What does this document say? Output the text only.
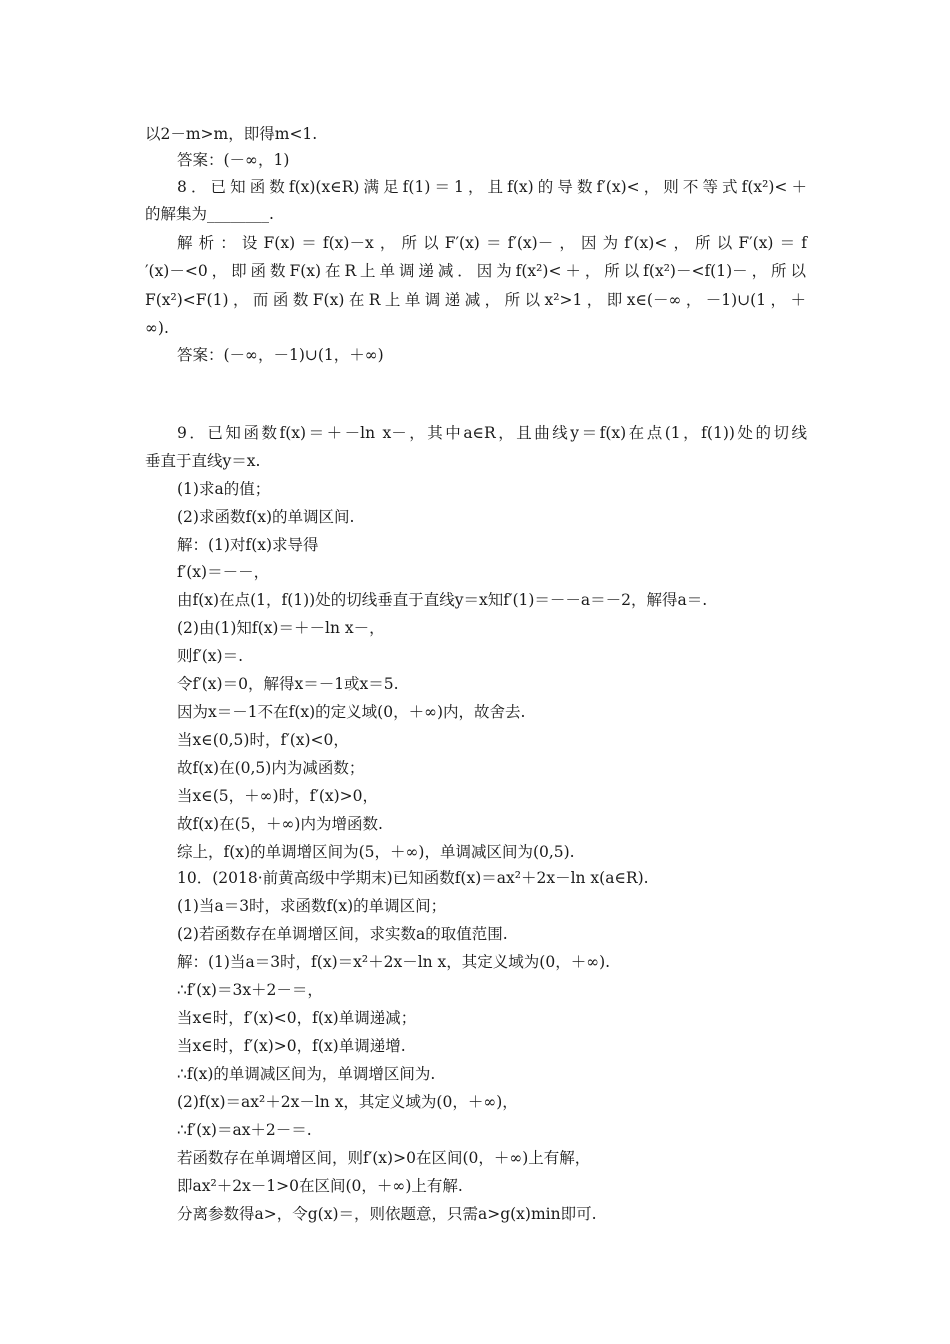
以2－m>m，即得m<1.
答案：(－∞，1)
8．已知函数f(x)(x∈R)满足f(1)＝1，且f(x)的导数f′(x)<，则不等式f(x²)<＋
的解集为________.
解析：设F(x)＝f(x)－x，所以F′(x)＝f′(x)－，因为f′(x)<，所以F′(x)＝f
′(x)－<0，即函数F(x)在R上单调递减．因为f(x²)<＋，所以f(x²)－<f(1)－，所以
F(x²)<F(1)，而函数F(x)在R上单调递减，所以x²>1，即x∈(－∞，－1)∪(1，＋
∞).
答案：(－∞，－1)∪(1，＋∞)
9．已知函数f(x)＝＋－ln x－，其中a∈R，且曲线y＝f(x)在点(1，f(1))处的切线
垂直于直线y＝x.
(1)求a的值；
(2)求函数f(x)的单调区间.
解：(1)对f(x)求导得
f′(x)＝－－，
由f(x)在点(1，f(1))处的切线垂直于直线y＝x知f′(1)＝－－a＝－2，解得a＝.
(2)由(1)知f(x)＝＋－ln x－，
则f′(x)＝.
令f′(x)＝0，解得x＝－1或x＝5.
因为x＝－1不在f(x)的定义域(0，＋∞)内，故舍去.
当x∈(0,5)时，f′(x)<0，
故f(x)在(0,5)内为减函数；
当x∈(5，＋∞)时，f′(x)>0，
故f(x)在(5，＋∞)内为增函数.
综上，f(x)的单调增区间为(5，＋∞)，单调减区间为(0,5).
10．(2018·前黄高级中学期末)已知函数f(x)＝ax²＋2x－ln x(a∈R).
(1)当a＝3时，求函数f(x)的单调区间；
(2)若函数存在单调增区间，求实数a的取值范围.
解：(1)当a＝3时，f(x)＝x²＋2x－ln x，其定义域为(0，＋∞).
∴f′(x)＝3x＋2－＝，
当x∈时，f′(x)<0，f(x)单调递减；
当x∈时，f′(x)>0，f(x)单调递增.
∴f(x)的单调减区间为，单调增区间为.
(2)f(x)＝ax²＋2x－ln x，其定义域为(0，＋∞)，
∴f′(x)＝ax＋2－＝.
若函数存在单调增区间，则f′(x)>0在区间(0，＋∞)上有解，
即ax²＋2x－1>0在区间(0，＋∞)上有解.
分离参数得a>，令g(x)＝，则依题意，只需a>g(x)min即可.
